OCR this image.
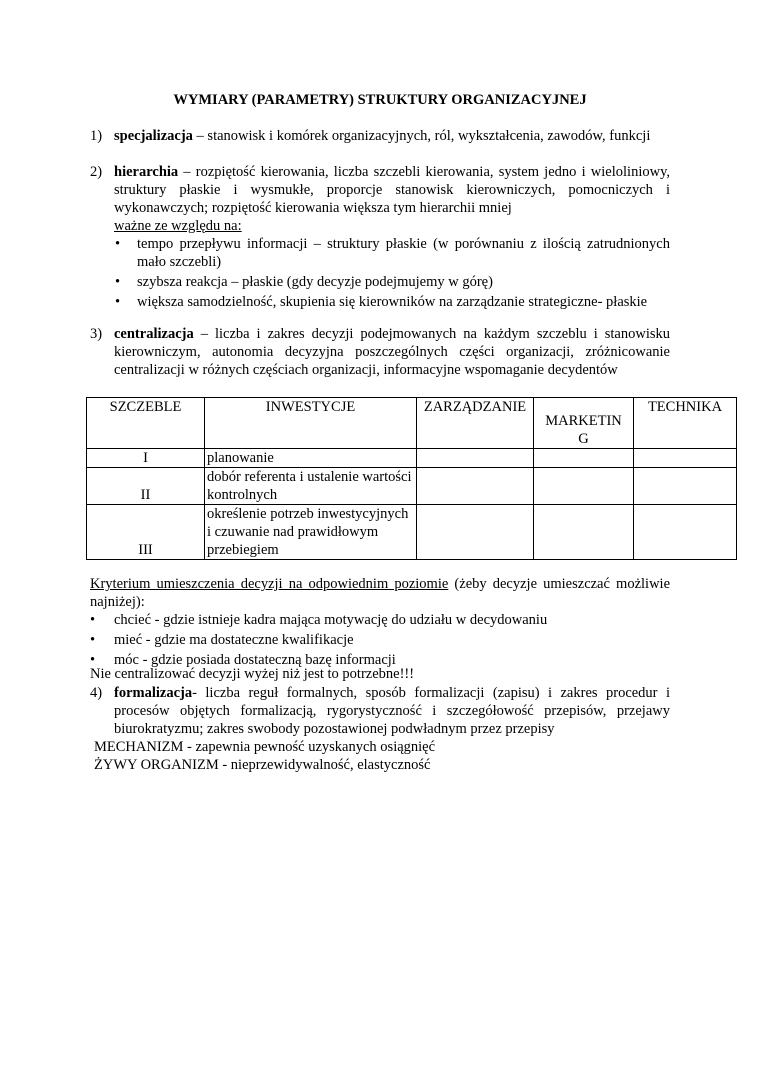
WYMIARY (PARAMETRY) STRUKTURY ORGANIZACYJNEJ
1) specjalizacja – stanowisk i komórek organizacyjnych, ról, wykształcenia, zawodów, funkcji
2) hierarchia – rozpiętość kierowania, liczba szczebli kierowania, system jedno i wieloliniowy, struktury płaskie i wysmukłe, proporcje stanowisk kierowniczych, pomocniczych i wykonawczych; rozpiętość kierowania większa tym hierarchii mniej
ważne ze względu na:
• tempo przepływu informacji – struktury płaskie (w porównaniu z ilością zatrudnionych mało szczebli)
• szybsza reakcja – płaskie (gdy decyzje podejmujemy w górę)
• większa samodzielność, skupienia się kierowników na zarządzanie strategiczne- płaskie
3) centralizacja – liczba i zakres decyzji podejmowanych na każdym szczeblu i stanowisku kierowniczym, autonomia decyzyjna poszczególnych części organizacji, zróżnicowanie centralizacji w różnych częściach organizacji, informacyjne wspomaganie decydentów
SZCZEBLE	INWESTYCJE	ZARZĄDZANIE	MARKETIN G	TECHNIKA
I	planowanie			
II	dobór referenta i ustalenie wartości kontrolnych			
III	określenie potrzeb inwestycyjnych i czuwanie nad prawidłowym przebiegiem			
Kryterium umieszczenia decyzji na odpowiednim poziomie (żeby decyzje umieszczać możliwie najniżej):
• chcieć - gdzie istnieje kadra mająca motywację do udziału w decydowaniu
• mieć - gdzie ma dostateczne kwalifikacje
• móc - gdzie posiada dostateczną bazę informacji
Nie centralizować decyzji wyżej niż jest to potrzebne!!!
4) formalizacja- liczba reguł formalnych, sposób formalizacji (zapisu) i zakres procedur i procesów objętych formalizacją, rygorystyczność i szczegółowość przepisów, przejawy biurokratyzmu; zakres swobody pozostawionej podwładnym przez przepisy
MECHANIZM - zapewnia pewność uzyskanych osiągnięć
ŻYWY ORGANIZM - nieprzewidywalność, elastyczność
